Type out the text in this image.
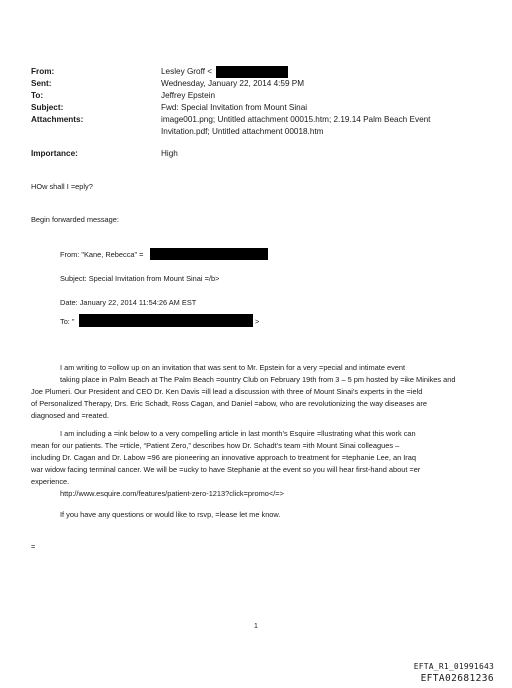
From:	Lesley Groff <
Sent:	Wednesday, January 22, 2014 4:59 PM
To:	Jeffrey Epstein
Subject:	Fwd: Special Invitation from Mount Sinai
Attachments:	image001.png; Untitled attachment 00015.htm; 2.19.14 Palm Beach Event
Invitation.pdf; Untitled attachment 00018.htm
Importance:	High
HOw shall I =eply?
Begin forwarded message:
From: "Kane, Rebecca" =
Subject: Special Invitation from Mount Sinai =/b>
Date: January 22, 2014 11:54:26 AM EST
To: "	>
I am writing to =ollow up on an invitation that was sent to Mr. Epstein for a very =pecial and intimate event
taking place in Palm Beach at The Palm Beach =ountry Club on February 19th from 3 – 5 pm hosted by =ike Minikes and
Joe Plumeri. Our President and CEO Dr. Ken Davis =ill lead a discussion with three of Mount Sinai’s experts in the =ield
of Personalized Therapy, Drs. Eric Schadt, Ross Cagan, and Daniel =abow, who are revolutionizing the way diseases are
diagnosed and =reated.
I am including a =ink below to a very compelling article in last month’s Esquire =llustrating what this work can
mean for our patients. The =rticle, “Patient Zero,” describes how Dr. Schadt’s team =ith Mount Sinai colleagues –
including Dr. Cagan and Dr. Labow =96 are pioneering an innovative approach to treatment for =tephanie Lee, an Iraq
war widow facing terminal cancer. We will be =ucky to have Stephanie at the event so you will hear first-hand about =er
experience.
http://www.esquire.com/features/patient-zero-1213?click=promo</=>
If you have any questions or would like to rsvp, =lease let me know.
=
1
EFTA_R1_01991643
EFTA02681236
